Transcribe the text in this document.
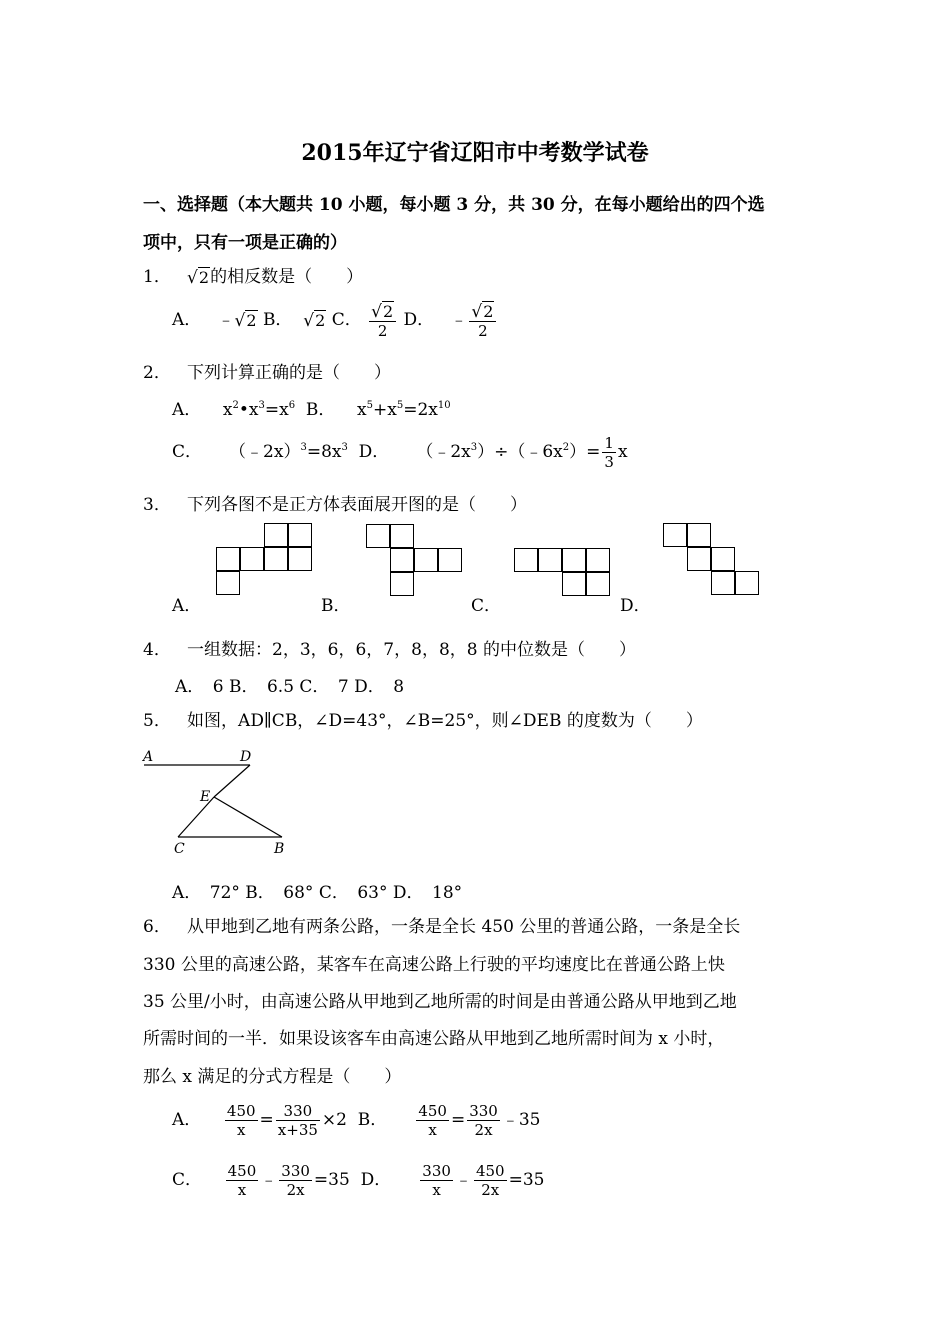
2015年辽宁省辽阳市中考数学试卷
一、选择题（本大题共 10 小题，每小题 3 分，共 30 分，在每小题给出的四个选
项中，只有一项是正确的）
1． √2的相反数是（　　）
A． ﹣√2 B． √2 C． $\frac{√2}{2}$ D． ﹣ $\frac{√2}{2}$
2． 下列计算正确的是（　　）
A． $x^2•x^3=x^6$ B． $x^5+x^5=2x^{10}$
C． $(﹣2x)^3=8x^3$ D． $(﹣2x^3)\div(﹣6x^2)= \frac{1}{3}$ x
3． 下列各图不是正方体表面展开图的是（　　）
A．	B．	C．	D．
4． 一组数据：2，3，6，6，7，8，8，8 的中位数是（　　）
A．　6 B．　6.5 C．　7 D．　8
5． 如图，AD∥CB，∠D=43°，∠B=25°，则∠DEB 的度数为（　　）
A	D
E
C	B
A．　72° B．　68° C．　63° D．　18°
6． 从甲地到乙地有两条公路，一条是全长 450 公里的普通公路，一条是全长
330 公里的高速公路，某客车在高速公路上行驶的平均速度比在普通公路上快
35 公里/小时，由高速公路从甲地到乙地所需的时间是由普通公路从甲地到乙地
所需时间的一半．如果设该客车由高速公路从甲地到乙地所需时间为 x 小时，
那么 x 满足的分式方程是（　　）
A． $\frac{450}{x} = \frac{330}{x+35} \times 2$ B． $\frac{450}{x} = \frac{330}{2x}$ ﹣35
C． $\frac{450}{x}$ ﹣ $\frac{330}{2x} =35$ D． $\frac{330}{x}$ ﹣ $\frac{450}{2x} =35$
